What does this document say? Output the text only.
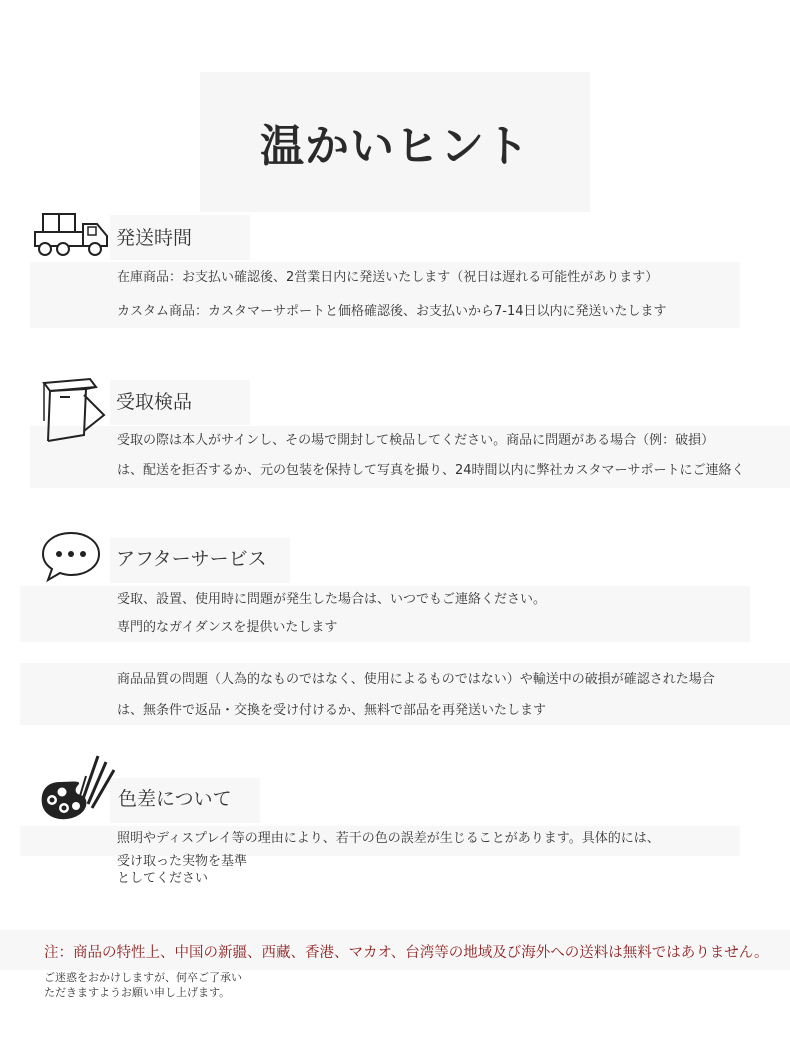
温かいヒント
発送時間
在庫商品：お支払い確認後、2営業日内に発送いたします（祝日は遅れる可能性があります）
カスタム商品：カスタマーサポートと価格確認後、お支払いから7-14日以内に発送いたします
受取検品
受取の際は本人がサインし、その場で開封して検品してください。商品に問題がある場合（例：破損）
は、配送を拒否するか、元の包装を保持して写真を撮り、24時間以内に弊社カスタマーサポートにご連絡く
アフターサービス
受取、設置、使用時に問題が発生した場合は、いつでもご連絡ください。
専門的なガイダンスを提供いたします
商品品質の問題（人為的なものではなく、使用によるものではない）や輸送中の破損が確認された場合
は、無条件で返品・交換を受け付けるか、無料で部品を再発送いたします
色差について
照明やディスプレイ等の理由により、若干の色の誤差が生じることがあります。具体的には、
受け取った実物を基準
としてください
注：商品の特性上、中国の新疆、西藏、香港、マカオ、台湾等の地域及び海外への送料は無料ではありません。
ご迷惑をおかけしますが、何卒ご了承い
ただきますようお願い申し上げます。
